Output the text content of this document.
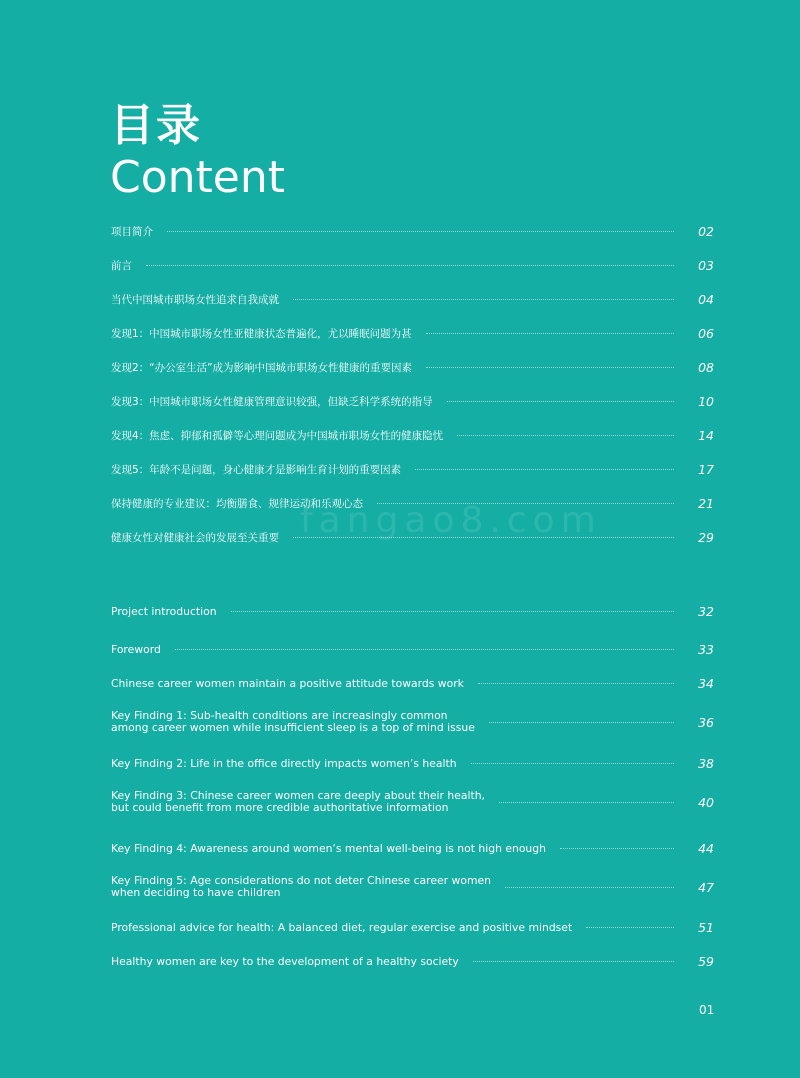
fangao8.com
目录
Content
项目简介	02
前言	03
当代中国城市职场女性追求自我成就	04
发现1：中国城市职场女性亚健康状态普遍化，尤以睡眠问题为甚	06
发现2：“办公室生活”成为影响中国城市职场女性健康的重要因素	08
发现3：中国城市职场女性健康管理意识较强，但缺乏科学系统的指导	10
发现4：焦虑、抑郁和孤僻等心理问题成为中国城市职场女性的健康隐忧	14
发现5：年龄不是问题，身心健康才是影响生育计划的重要因素	17
保持健康的专业建议：均衡膳食、规律运动和乐观心态	21
健康女性对健康社会的发展至关重要	29
Project introduction	32
Foreword	33
Chinese career women maintain a positive attitude towards work	34
Key Finding 1: Sub-health conditions are increasingly common
among career women while insufficient sleep is a top of mind issue	36
Key Finding 2: Life in the office directly impacts women’s health	38
Key Finding 3: Chinese career women care deeply about their health,
but could benefit from more credible authoritative information	40
Key Finding 4: Awareness around women’s mental well-being is not high enough	44
Key Finding 5: Age considerations do not deter Chinese career women
when deciding to have children	47
Professional advice for health: A balanced diet, regular exercise and positive mindset	51
Healthy women are key to the development of a healthy society	59
01
